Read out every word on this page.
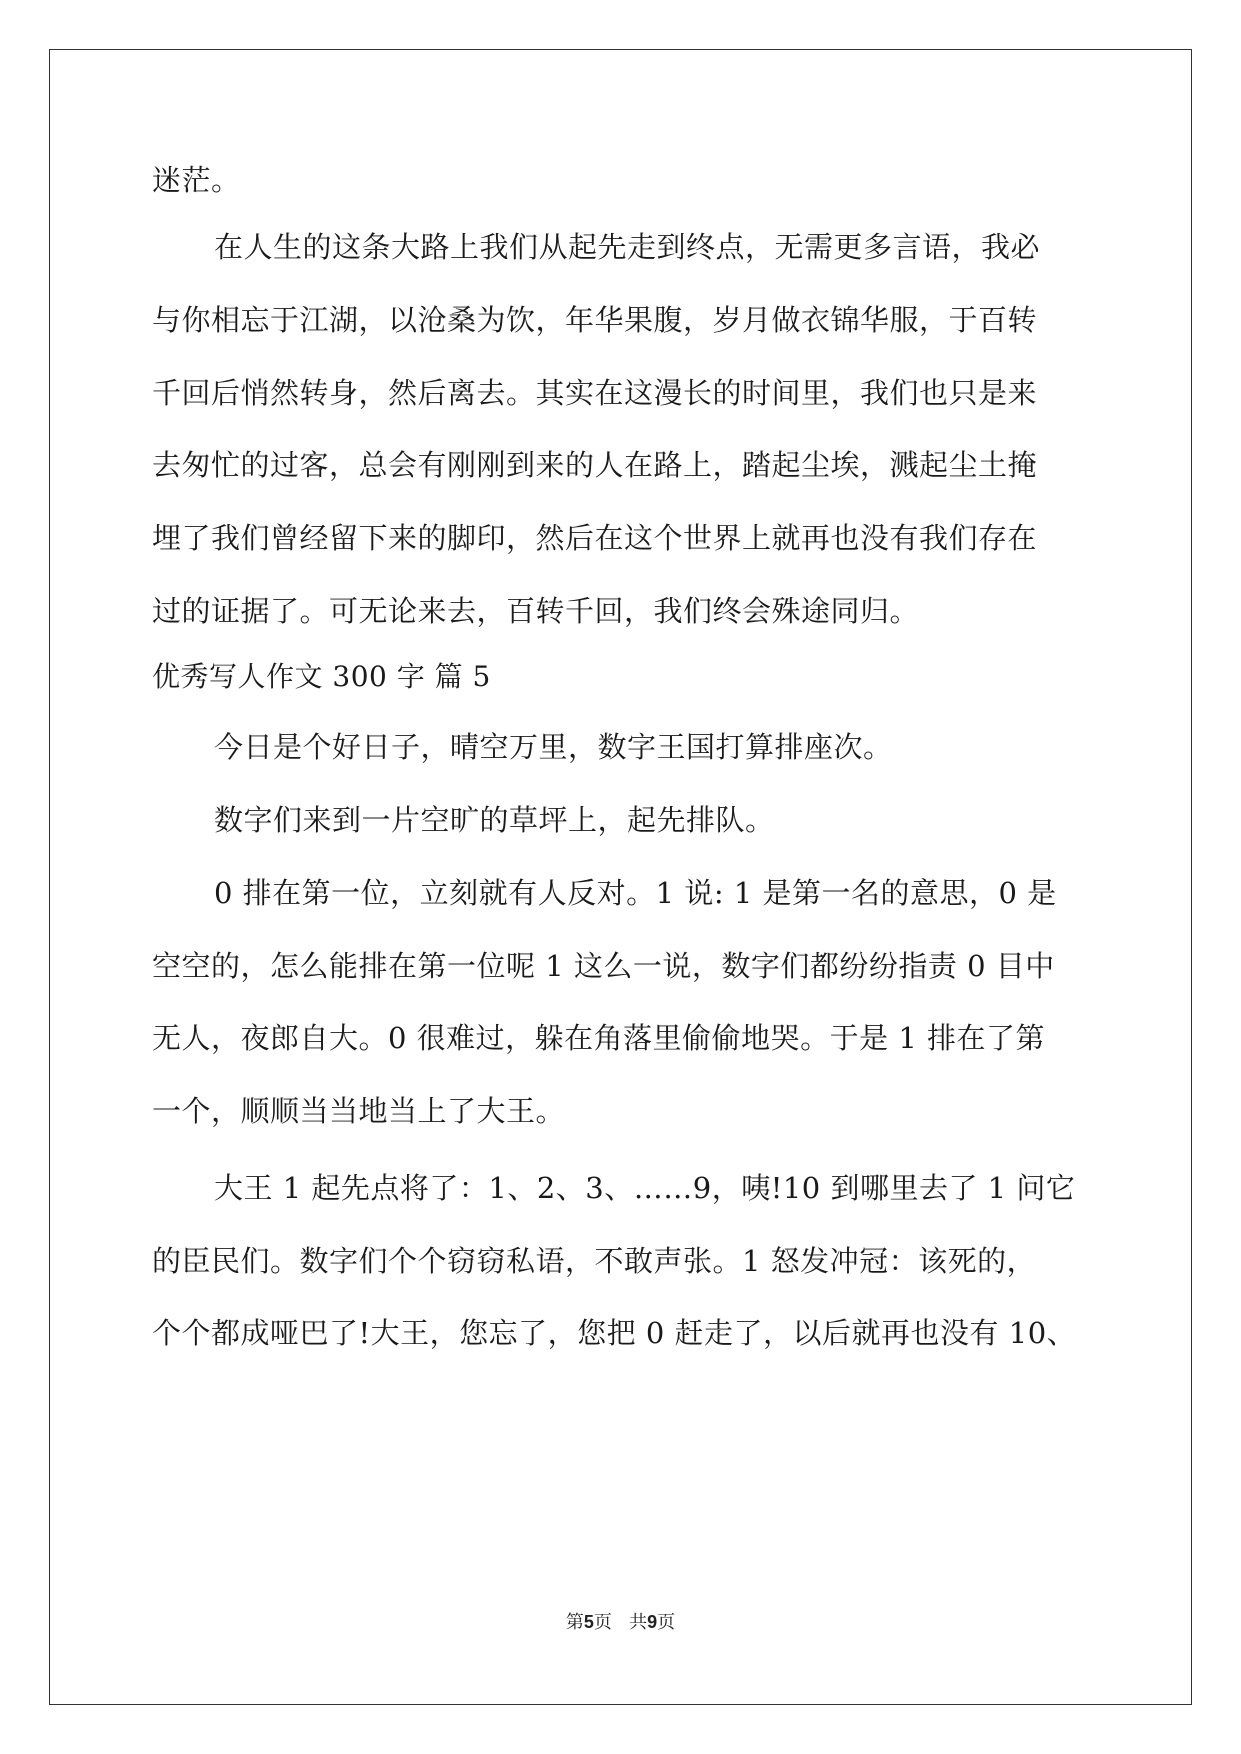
迷茫。
在人生的这条大路上我们从起先走到终点，无需更多言语，我必
与你相忘于江湖，以沧桑为饮，年华果腹，岁月做衣锦华服，于百转
千回后悄然转身，然后离去。其实在这漫长的时间里，我们也只是来
去匆忙的过客，总会有刚刚到来的人在路上，踏起尘埃，溅起尘土掩
埋了我们曾经留下来的脚印，然后在这个世界上就再也没有我们存在
过的证据了。可无论来去，百转千回，我们终会殊途同归。
优秀写人作文 300 字 篇 5
今日是个好日子，晴空万里，数字王国打算排座次。
数字们来到一片空旷的草坪上，起先排队。
0 排在第一位，立刻就有人反对。1 说: 1 是第一名的意思，0 是
空空的，怎么能排在第一位呢 1 这么一说，数字们都纷纷指责 0 目中
无人，夜郎自大。0 很难过，躲在角落里偷偷地哭。于是 1 排在了第
一个，顺顺当当地当上了大王。
大王 1 起先点将了：1、2、3、……9，咦!10 到哪里去了 1 问它
的臣民们。数字们个个窃窃私语，不敢声张。1 怒发冲冠：该死的，
个个都成哑巴了!大王，您忘了，您把 0 赶走了，以后就再也没有 10、
第5页   共9页
